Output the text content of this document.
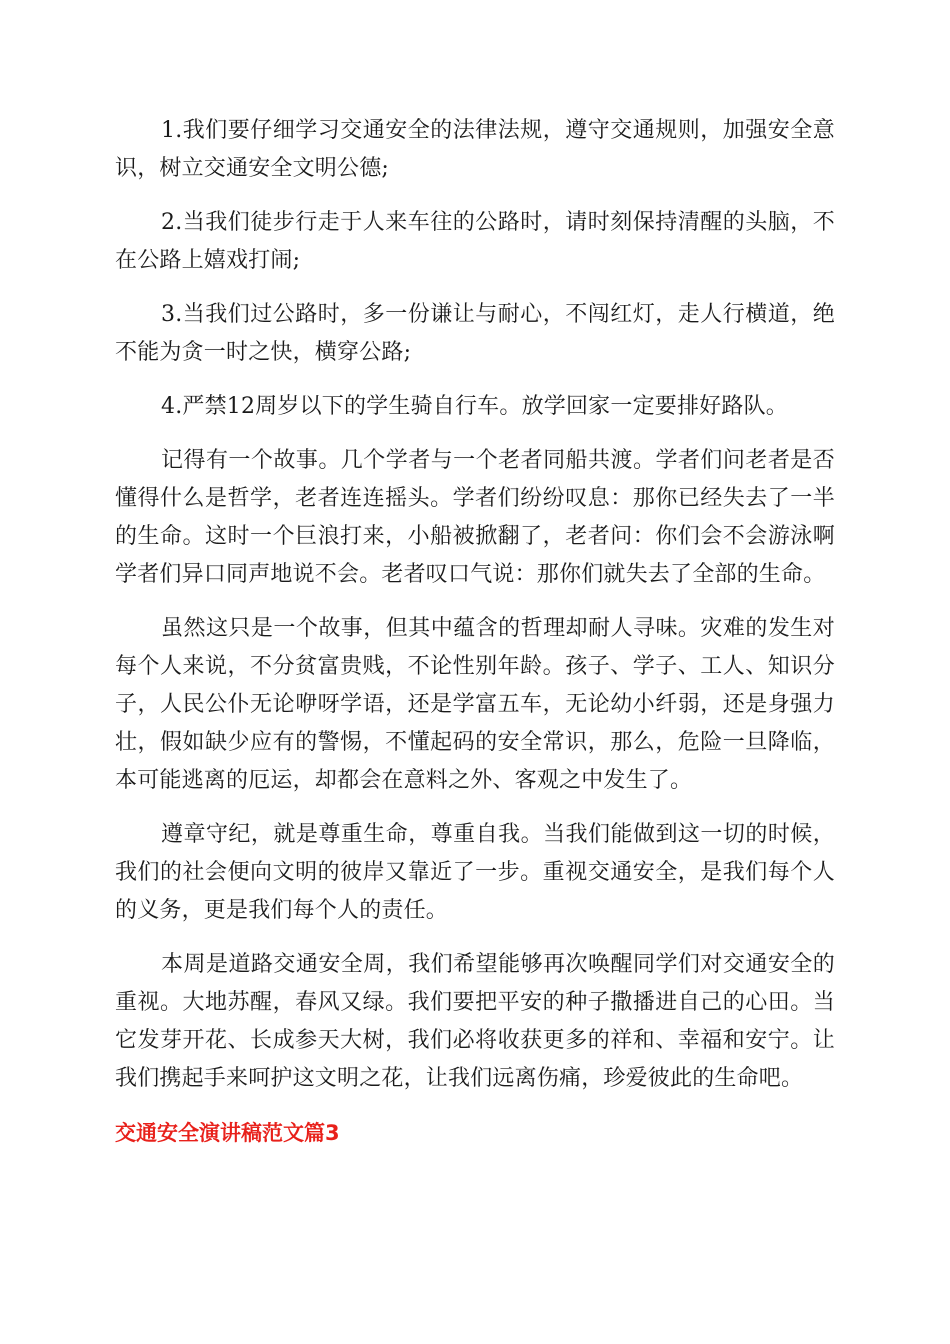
1.我们要仔细学习交通安全的法律法规，遵守交通规则，加强安全意识，树立交通安全文明公德;

2.当我们徒步行走于人来车往的公路时，请时刻保持清醒的头脑，不在公路上嬉戏打闹;

3.当我们过公路时，多一份谦让与耐心，不闯红灯，走人行横道，绝不能为贪一时之快，横穿公路;

4.严禁12周岁以下的学生骑自行车。放学回家一定要排好路队。

记得有一个故事。几个学者与一个老者同船共渡。学者们问老者是否懂得什么是哲学，老者连连摇头。学者们纷纷叹息：那你已经失去了一半的生命。这时一个巨浪打来，小船被掀翻了，老者问：你们会不会游泳啊学者们异口同声地说不会。老者叹口气说：那你们就失去了全部的生命。

虽然这只是一个故事，但其中蕴含的哲理却耐人寻味。灾难的发生对每个人来说，不分贫富贵贱，不论性别年龄。孩子、学子、工人、知识分子，人民公仆无论咿呀学语，还是学富五车，无论幼小纤弱，还是身强力壮，假如缺少应有的警惕，不懂起码的安全常识，那么，危险一旦降临，本可能逃离的厄运，却都会在意料之外、客观之中发生了。

遵章守纪，就是尊重生命，尊重自我。当我们能做到这一切的时候，我们的社会便向文明的彼岸又靠近了一步。重视交通安全，是我们每个人的义务，更是我们每个人的责任。

本周是道路交通安全周，我们希望能够再次唤醒同学们对交通安全的重视。大地苏醒，春风又绿。我们要把平安的种子撒播进自己的心田。当它发芽开花、长成参天大树，我们必将收获更多的祥和、幸福和安宁。让我们携起手来呵护这文明之花，让我们远离伤痛，珍爱彼此的生命吧。

交通安全演讲稿范文篇3
